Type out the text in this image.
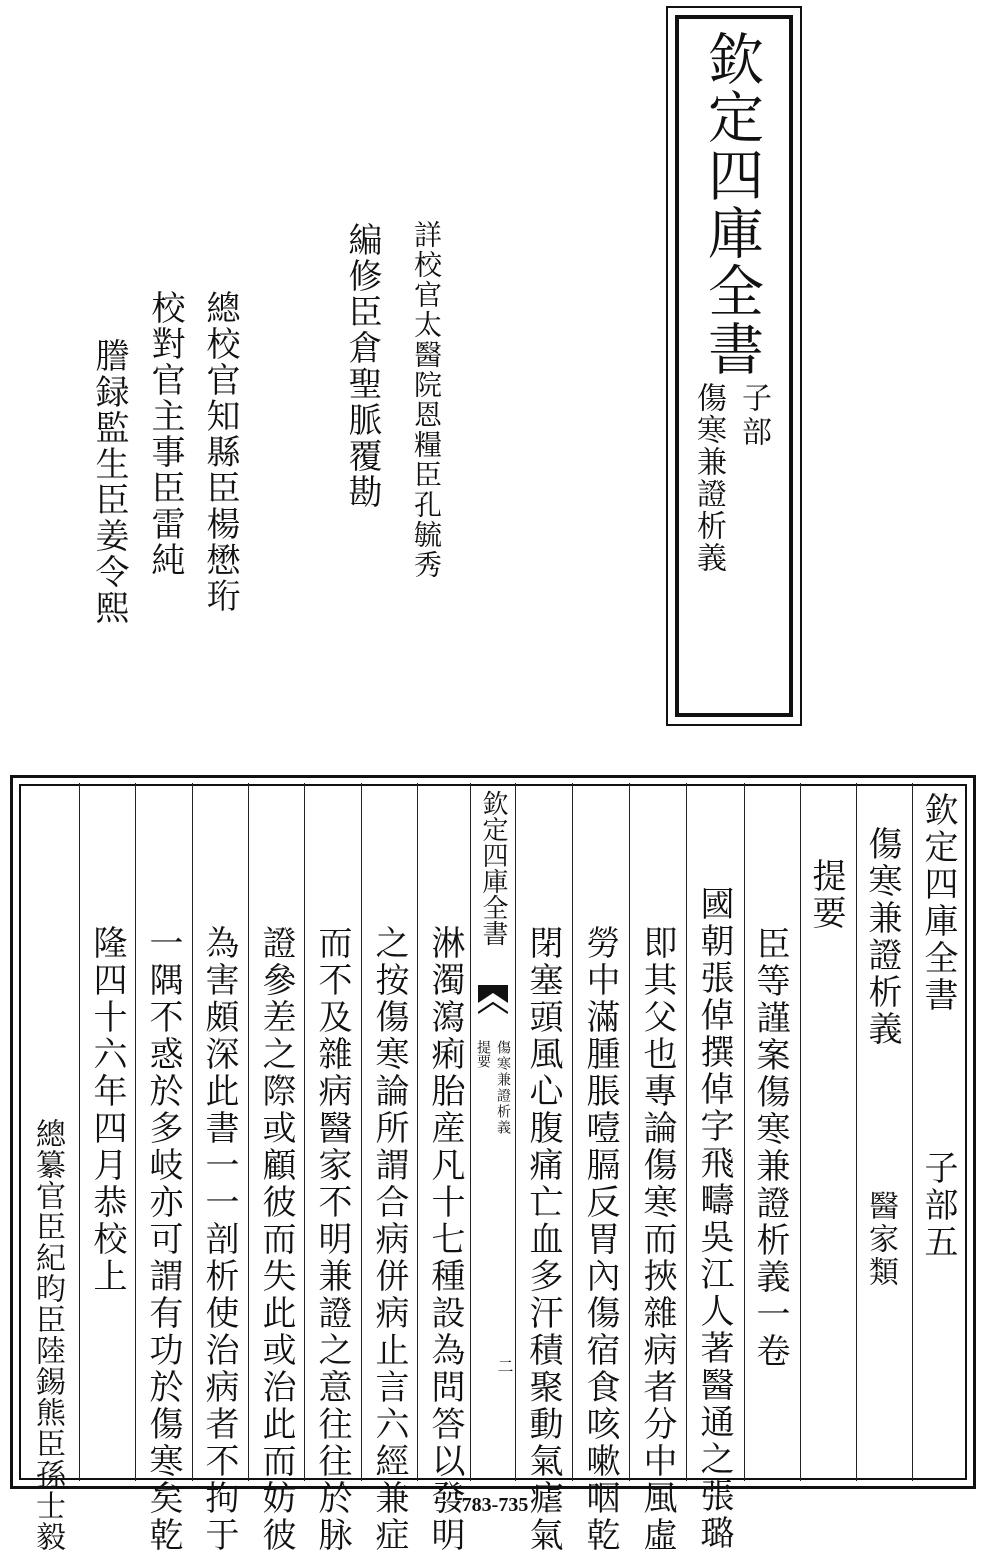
欽定四庫全書
子部
傷寒兼證析義
詳校官太醫院恩糧臣孔毓秀
編修臣倉聖脈覆勘
總校官知縣臣楊懋珩
校對官主事臣雷純
謄録監生臣姜令熙
欽定四庫全書
傷寒兼證析義
提要
二
欽定四庫全書
子部五
傷寒兼證析義
醫家類
提要
臣等謹案傷寒兼證析義一卷
國朝張倬撰倬字飛疇吳江人著醫通之張璐
即其父也專論傷寒而挾雜病者分中風虛
勞中滿腫脹噎膈反胃內傷宿食咳嗽咽乾
閉塞頭風心腹痛亡血多汗積聚動氣瘧氣
淋濁瀉痢胎産凡十七種設為問答以發明
之按傷寒論所謂合病併病止言六經兼症
而不及雜病醫家不明兼證之意往往於脉
證參差之際或顧彼而失此或治此而妨彼
為害頗深此書一一剖析使治病者不拘于
一隅不惑於多岐亦可謂有功於傷寒矣乾
隆四十六年四月恭校上
總纂官臣紀昀臣陸錫熊臣孫士毅	783-735
